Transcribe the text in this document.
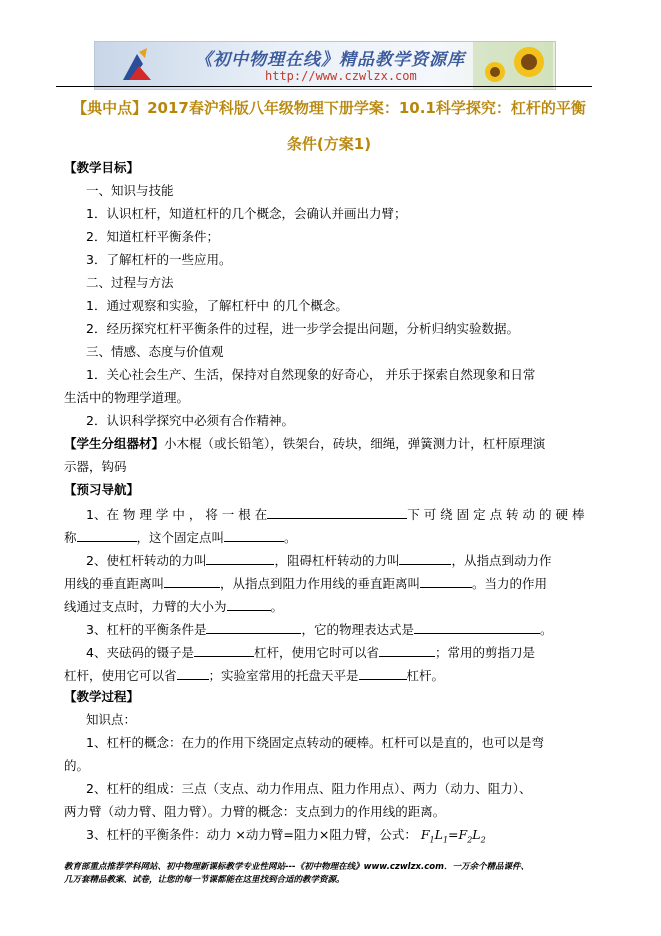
《初中物理在线》精品教学资源库
http://www.czwlzx.com
【典中点】2017春沪科版八年级物理下册学案：10.1科学探究：杠杆的平衡
条件(方案1)
【教学目标】
一、知识与技能
1．认识杠杆，知道杠杆的几个概念，会确认并画出力臂；
2．知道杠杆平衡条件；
3．了解杠杆的一些应用。
二、过程与方法
1．通过观察和实验，了解杠杆中 的几个概念。
2．经历探究杠杆平衡条件的过程，进一步学会提出问题，分析归纳实验数据。
三、情感、态度与价值观
1．关心社会生产、生活，保持对自然现象的好奇心， 并乐于探索自然现象和日常
生活中的物理学道理。
2．认识科学探究中必须有合作精神。
【学生分组器材】小木棍（或长铅笔），铁架台，砖块，细绳，弹簧测力计，杠杆原理演
示器，钩码
【预习导航】
1、在 物 理 学 中 ， 将 一 根 在	下 可 绕 固 定 点 转 动 的 硬 棒
称	，这个固定点叫	。
2、使杠杆转动的力叫	，阻碍杠杆转动的力叫	，从指点到动力作
用线的垂直距离叫	，从指点到阻力作用线的垂直距离叫	。当力的作用
线通过支点时，力臂的大小为	。
3、杠杆的平衡条件是	，它的物理表达式是	。
4、夹砝码的镊子是	杠杆，使用它时可以省	；常用的剪指刀是
杠杆，使用它可以省	；实验室常用的托盘天平是	杠杆。
【教学过程】
知识点：
1、杠杆的概念：在力的作用下绕固定点转动的硬棒。杠杆可以是直的，也可以是弯
的。
2、杠杆的组成：三点（支点、动力作用点、阻力作用点）、两力（动力、阻力）、
两力臂（动力臂、阻力臂）。力臂的概念：支点到力的作用线的距离。
3、杠杆的平衡条件：动力 ×动力臂=阻力×阻力臂，公式： $F_1L_1=F_2L_2$
教育部重点推荐学科网站、初中物理新课标教学专业性网站---《初中物理在线》www.czwlzx.com．一万余个精品课件、
几万套精品教案、试卷，让您的每一节课都能在这里找到合适的教学资源。
